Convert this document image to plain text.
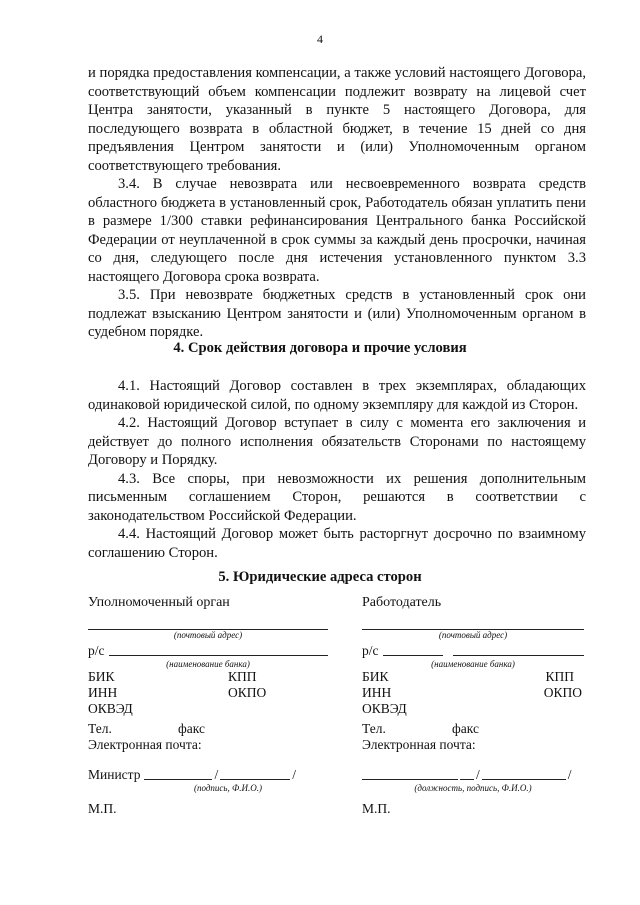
4

и порядка предоставления компенсации, а также условий настоящего Договора, соответствующий объем компенсации подлежит возврату на лицевой счет Центра занятости, указанный в пункте 5 настоящего Договора, для последующего возврата в областной бюджет, в течение 15 дней со дня предъявления Центром занятости и (или) Уполномоченным органом соответствующего требования.

3.4. В случае невозврата или несвоевременного возврата средств областного бюджета в установленный срок, Работодатель обязан уплатить пени в размере 1/300 ставки рефинансирования Центрального банка Российской Федерации от неуплаченной в срок суммы за каждый день просрочки, начиная со дня, следующего после дня истечения установленного пунктом 3.3 настоящего Договора срока возврата.

3.5. При невозврате бюджетных средств в установленный срок они подлежат взысканию Центром занятости и (или) Уполномоченным органом в судебном порядке.

4. Срок действия договора и прочие условия

4.1. Настоящий Договор составлен в трех экземплярах, обладающих одинаковой юридической силой, по одному экземпляру для каждой из Сторон.

4.2. Настоящий Договор вступает в силу с момента его заключения и действует до полного исполнения обязательств Сторонами по настоящему Договору и Порядку.

4.3. Все споры, при невозможности их решения дополнительным письменным соглашением Сторон, решаются в соответствии с законодательством Российской Федерации.

4.4. Настоящий Договор может быть расторгнут досрочно по взаимному соглашению Сторон.

5. Юридические адреса сторон
Уполномоченный орган
(почтовый адрес)
р/с
(наименование банка)
БИК	КПП
ИНН	ОКПО
ОКВЭД
Тел.	факс
Электронная почта:
Министр	/	/
(подпись, Ф.И.О.)
М.П.
Работодатель
(почтовый адрес)
р/с
(наименование банка)
БИК	КПП
ИНН	ОКПО
ОКВЭД
Тел.	факс
Электронная почта:
/	/
(должность, подпись, Ф.И.О.)
М.П.
